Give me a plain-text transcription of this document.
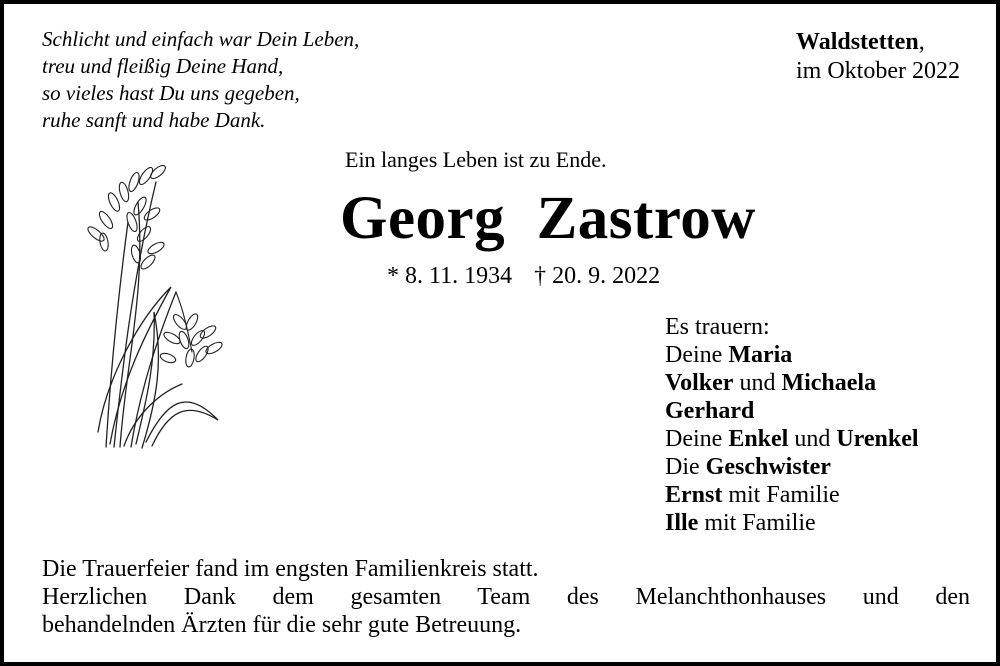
Schlicht und einfach war Dein Leben,
treu und fleißig Deine Hand,
so vieles hast Du uns gegeben,
ruhe sanft und habe Dank.
Waldstetten,
im Oktober 2022
Ein langes Leben ist zu Ende.
Georg  Zastrow
* 8. 11. 1934 † 20. 9. 2022
Es trauern:
Deine Maria
Volker und Michaela
Gerhard
Deine Enkel und Urenkel
Die Geschwister
Ernst mit Familie
Ille mit Familie
Die Trauerfeier fand im engsten Familienkreis statt.
Herzlichen Dank dem gesamten Team des Melanchthonhauses und den
behandelnden Ärzten für die sehr gute Betreuung.
